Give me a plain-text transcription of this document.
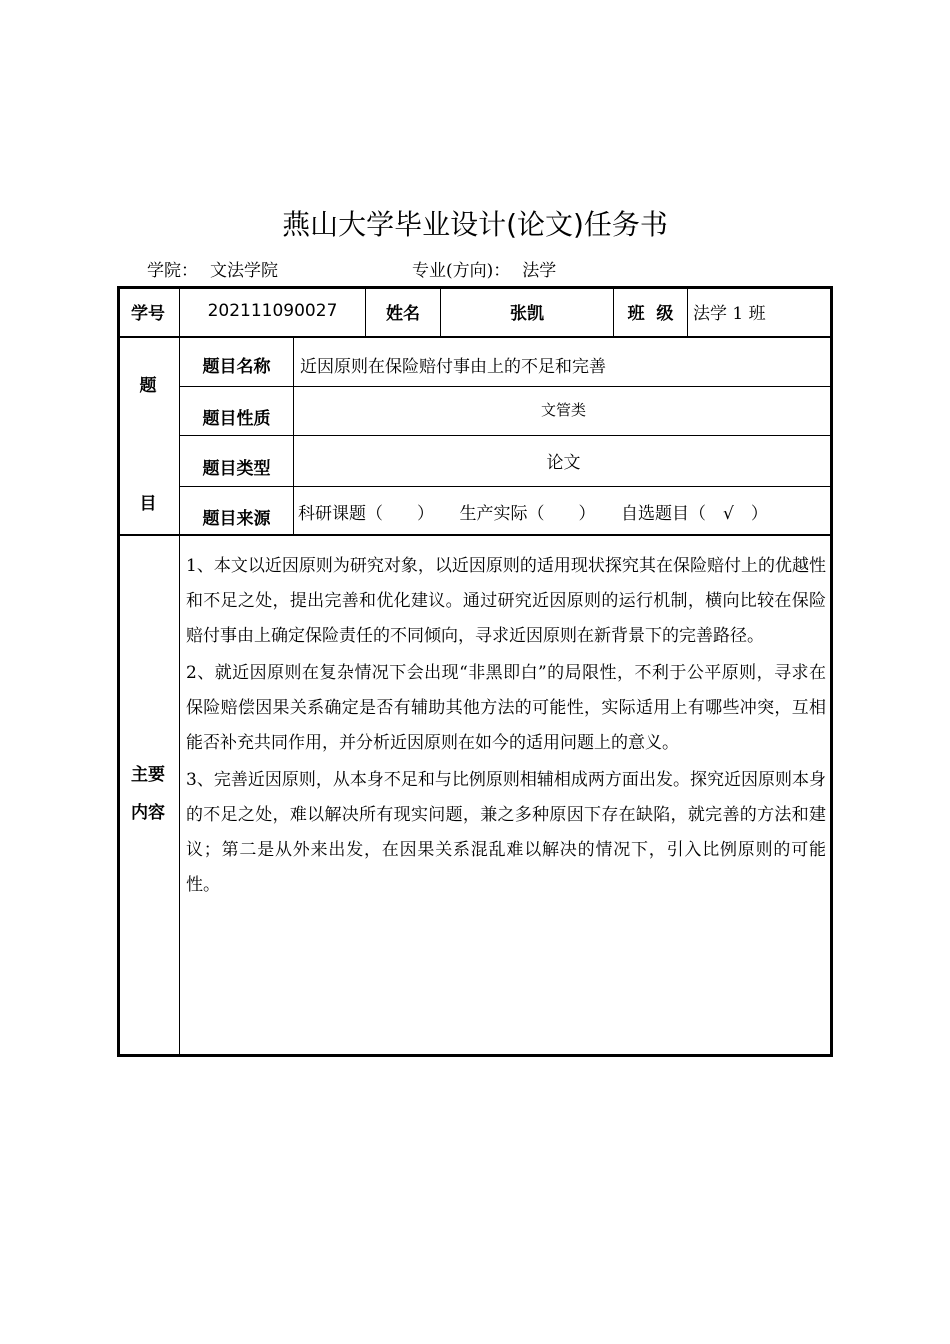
燕山大学毕业设计(论文)任务书
学院： 文法学院	专业(方向)： 法学
学号	202111090027	姓名	张凯	班  级	法学 1 班
题
目
题目名称	近因原则在保险赔付事由上的不足和完善
题目性质	文管类
题目类型	论文
题目来源	科研课题（　　）　　生产实际（　　）　　自选题目（　√　）
主要
内容

1、本文以近因原则为研究对象，以近因原则的适用现状探究其在保险赔付上的优越性和不足之处，提出完善和优化建议。通过研究近因原则的运行机制，横向比较在保险赔付事由上确定保险责任的不同倾向，寻求近因原则在新背景下的完善路径。

2、就近因原则在复杂情况下会出现“非黑即白”的局限性，不利于公平原则，寻求在保险赔偿因果关系确定是否有辅助其他方法的可能性，实际适用上有哪些冲突，互相能否补充共同作用，并分析近因原则在如今的适用问题上的意义。

3、完善近因原则，从本身不足和与比例原则相辅相成两方面出发。探究近因原则本身的不足之处，难以解决所有现实问题，兼之多种原因下存在缺陷，就完善的方法和建议；第二是从外来出发，在因果关系混乱难以解决的情况下，引入比例原则的可能性。
